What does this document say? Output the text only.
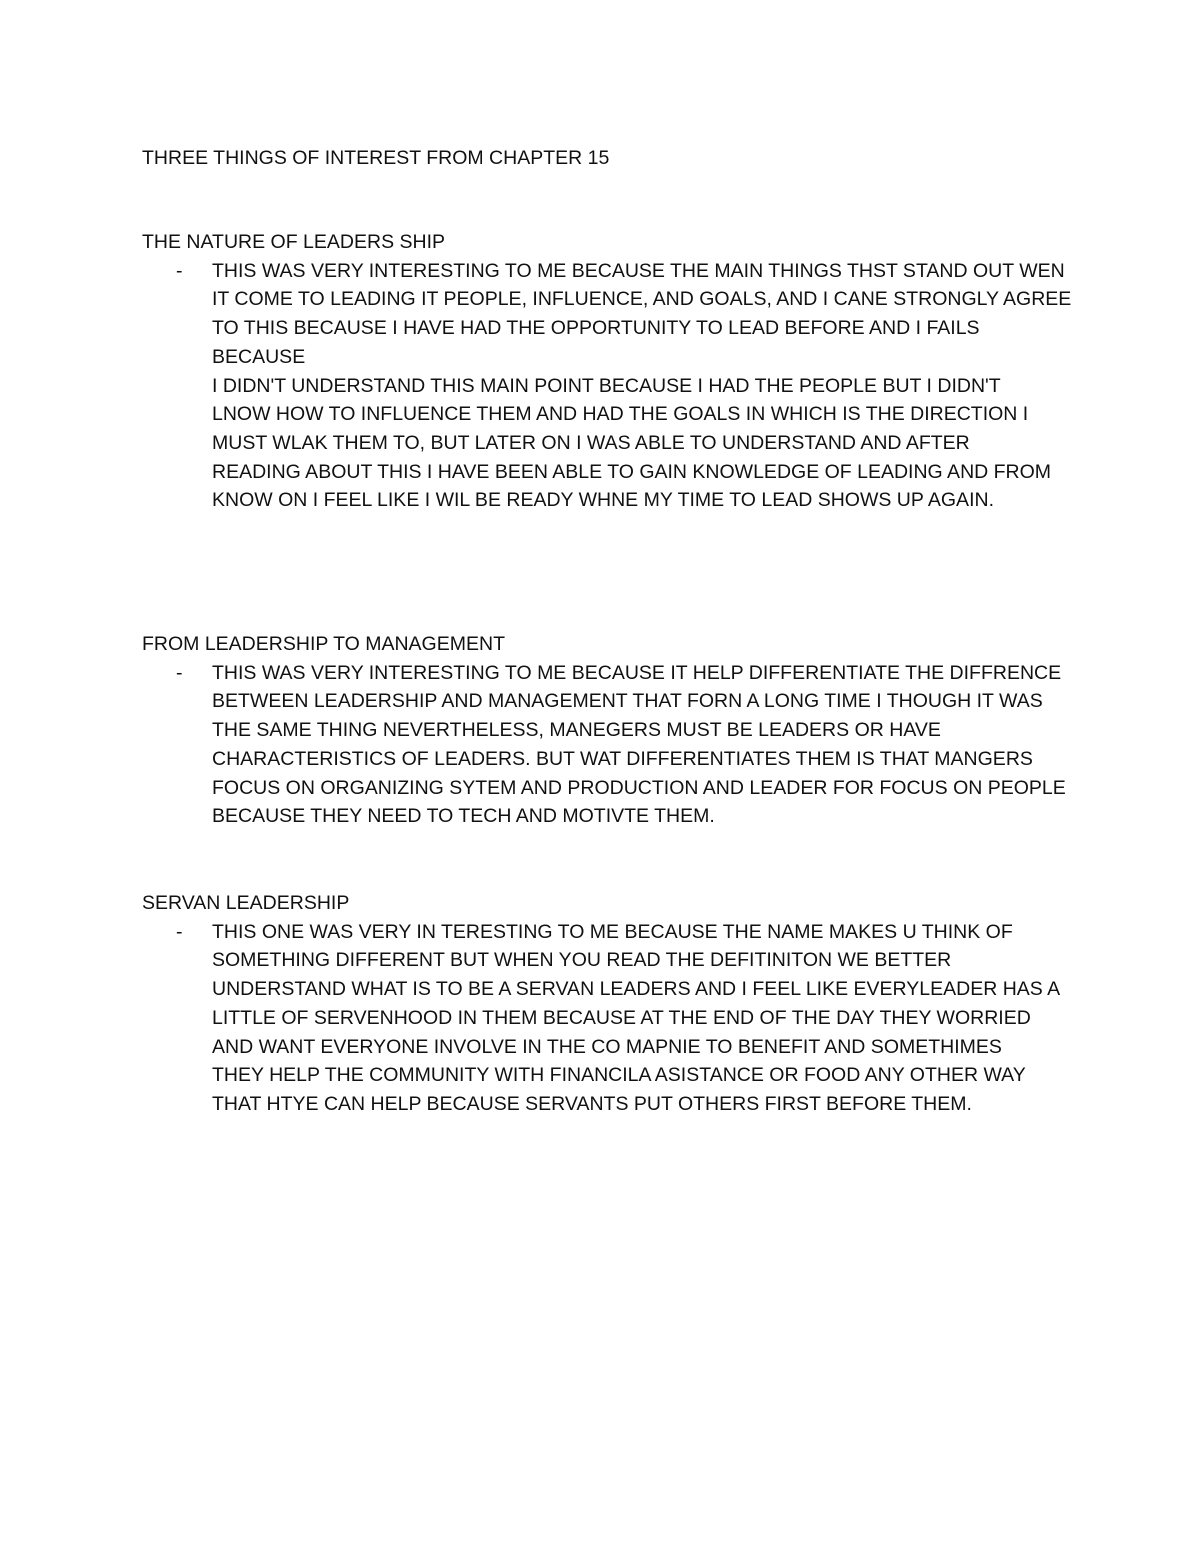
THREE THINGS OF INTEREST FROM CHAPTER 15
THE NATURE OF LEADERS SHIP
- THIS WAS VERY INTERESTING TO ME BECAUSE THE MAIN THINGS THST STAND OUT WEN
IT COME TO LEADING IT PEOPLE, INFLUENCE, AND GOALS, AND I CANE STRONGLY AGREE
TO THIS BECAUSE I HAVE HAD THE OPPORTUNITY TO LEAD BEFORE AND I FAILS BECAUSE
I DIDN'T UNDERSTAND THIS MAIN POINT BECAUSE I HAD THE PEOPLE BUT I DIDN'T
LNOW HOW TO INFLUENCE THEM AND HAD THE GOALS IN WHICH IS THE DIRECTION I
MUST WLAK THEM TO, BUT LATER ON I WAS ABLE TO UNDERSTAND AND AFTER
READING ABOUT THIS I HAVE BEEN ABLE TO GAIN KNOWLEDGE OF LEADING AND FROM
KNOW ON I FEEL LIKE I WIL BE READY WHNE MY TIME TO LEAD SHOWS UP AGAIN.
FROM LEADERSHIP TO MANAGEMENT
- THIS WAS VERY INTERESTING TO ME BECAUSE IT HELP DIFFERENTIATE THE DIFFRENCE
BETWEEN LEADERSHIP AND MANAGEMENT THAT FORN A LONG TIME I THOUGH IT WAS
THE SAME THING NEVERTHELESS, MANEGERS MUST BE LEADERS OR HAVE
CHARACTERISTICS OF LEADERS. BUT WAT DIFFERENTIATES THEM IS THAT MANGERS
FOCUS ON ORGANIZING SYTEM AND PRODUCTION AND LEADER FOR FOCUS ON PEOPLE
BECAUSE THEY NEED TO TECH AND MOTIVTE THEM.
SERVAN LEADERSHIP
- THIS ONE WAS VERY IN TERESTING TO ME BECAUSE THE NAME MAKES U THINK OF
SOMETHING DIFFERENT BUT WHEN YOU READ THE DEFITINITON WE BETTER
UNDERSTAND WHAT IS TO BE A SERVAN LEADERS AND I FEEL LIKE EVERYLEADER HAS A
LITTLE OF SERVENHOOD IN THEM BECAUSE AT THE END OF THE DAY THEY WORRIED
AND WANT EVERYONE INVOLVE IN THE CO MAPNIE TO BENEFIT AND SOMETHIMES
THEY HELP THE COMMUNITY WITH FINANCILA ASISTANCE OR FOOD ANY OTHER WAY
THAT HTYE CAN HELP BECAUSE SERVANTS PUT OTHERS FIRST BEFORE THEM.
